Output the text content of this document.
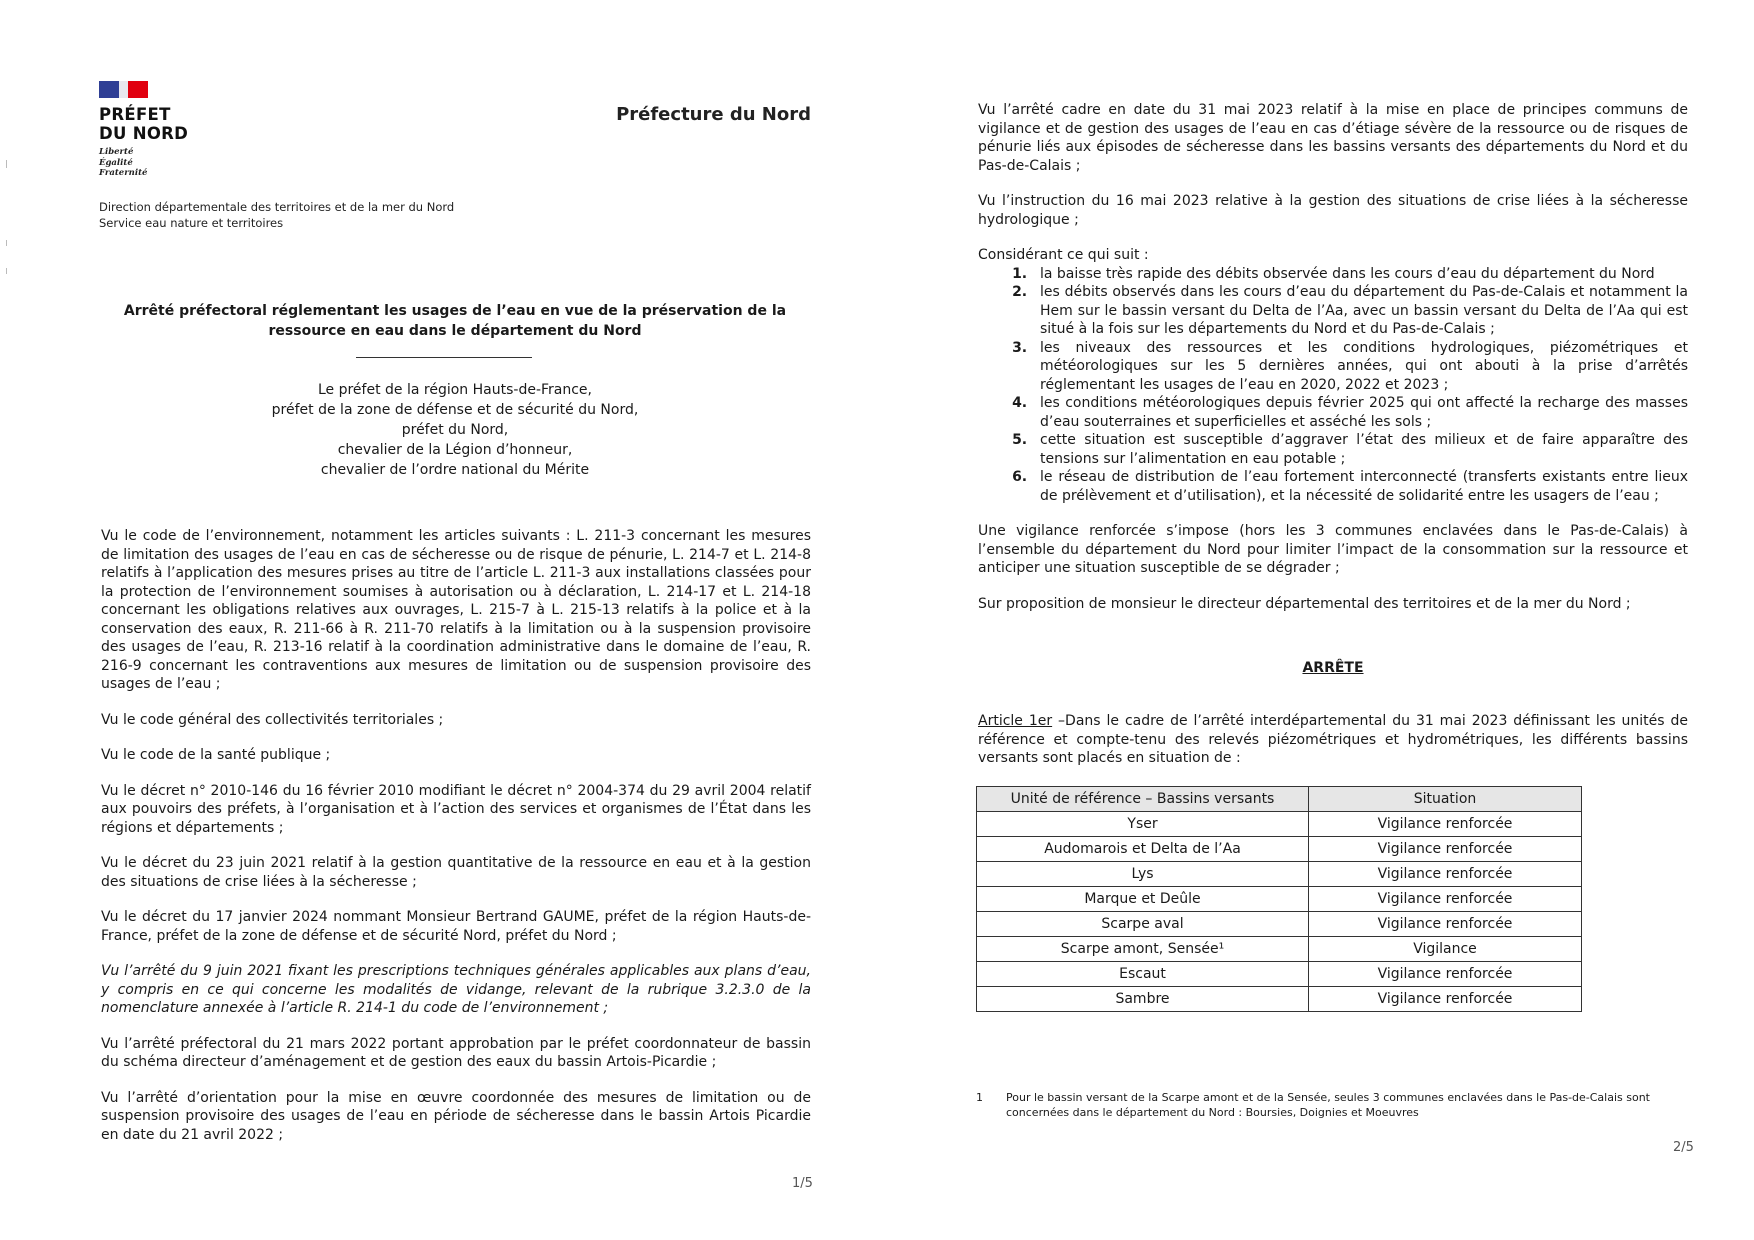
PRÉFET
DU NORD
Liberté
Égalité
Fraternité
Préfecture du Nord
Direction départementale des territoires et de la mer du Nord
Service eau nature et territoires
Arrêté préfectoral réglementant les usages de l’eau en vue de la préservation de la ressource en eau dans le département du Nord
Le préfet de la région Hauts-de-France,
préfet de la zone de défense et de sécurité du Nord,
préfet du Nord,
chevalier de la Légion d’honneur,
chevalier de l’ordre national du Mérite

Vu le code de l’environnement, notamment les articles suivants : L. 211-3 concernant les mesures de limitation des usages de l’eau en cas de sécheresse ou de risque de pénurie, L. 214-7 et L. 214-8 relatifs à l’application des mesures prises au titre de l’article L. 211-3 aux installations classées pour la protection de l’environnement soumises à autorisation ou à déclaration, L. 214-17 et L. 214-18 concernant les obligations relatives aux ouvrages, L. 215-7 à L. 215-13 relatifs à la police et à la conservation des eaux, R. 211-66 à R. 211-70 relatifs à la limitation ou à la suspension provisoire des usages de l’eau, R. 213-16 relatif à la coordination administrative dans le domaine de l’eau, R. 216-9 concernant les contraventions aux mesures de limitation ou de suspension provisoire des usages de l’eau ;

Vu le code général des collectivités territoriales ;

Vu le code de la santé publique ;

Vu le décret n° 2010-146 du 16 février 2010 modifiant le décret n° 2004-374 du 29 avril 2004 relatif aux pouvoirs des préfets, à l’organisation et à l’action des services et organismes de l’État dans les régions et départements ;

Vu le décret du 23 juin 2021 relatif à la gestion quantitative de la ressource en eau et à la gestion des situations de crise liées à la sécheresse ;

Vu le décret du 17 janvier 2024 nommant Monsieur Bertrand GAUME, préfet de la région Hauts-de-France, préfet de la zone de défense et de sécurité Nord, préfet du Nord ;

Vu l’arrêté du 9 juin 2021 fixant les prescriptions techniques générales applicables aux plans d’eau, y compris en ce qui concerne les modalités de vidange, relevant de la rubrique 3.2.3.0 de la nomenclature annexée à l’article R. 214-1 du code de l’environnement ;

Vu l’arrêté préfectoral du 21 mars 2022 portant approbation par le préfet coordonnateur de bassin du schéma directeur d’aménagement et de gestion des eaux du bassin Artois-Picardie ;

Vu l’arrêté d’orientation pour la mise en œuvre coordonnée des mesures de limitation ou de suspension provisoire des usages de l’eau en période de sécheresse dans le bassin Artois Picardie en date du 21 avril 2022 ;

1/5

Vu l’arrêté cadre en date du 31 mai 2023 relatif à la mise en place de principes communs de vigilance et de gestion des usages de l’eau en cas d’étiage sévère de la ressource ou de risques de pénurie liés aux épisodes de sécheresse dans les bassins versants des départements du Nord et du Pas-de-Calais ;

Vu l’instruction du 16 mai 2023 relative à la gestion des situations de crise liées à la sécheresse hydrologique ;

Considérant ce qui suit :
1. la baisse très rapide des débits observée dans les cours d’eau du département du Nord
2. les débits observés dans les cours d’eau du département du Pas-de-Calais et notamment la Hem sur le bassin versant du Delta de l’Aa, avec un bassin versant du Delta de l’Aa qui est situé à la fois sur les départements du Nord et du Pas-de-Calais ;
3. les niveaux des ressources et les conditions hydrologiques, piézométriques et météorologiques sur les 5 dernières années, qui ont abouti à la prise d’arrêtés réglementant les usages de l’eau en 2020, 2022 et 2023 ;
4. les conditions météorologiques depuis février 2025 qui ont affecté la recharge des masses d’eau souterraines et superficielles et asséché les sols ;
5. cette situation est susceptible d’aggraver l’état des milieux et de faire apparaître des tensions sur l’alimentation en eau potable ;
6. le réseau de distribution de l’eau fortement interconnecté (transferts existants entre lieux de prélèvement et d’utilisation), et la nécessité de solidarité entre les usagers de l’eau ;

Une vigilance renforcée s’impose (hors les 3 communes enclavées dans le Pas-de-Calais) à l’ensemble du département du Nord pour limiter l’impact de la consommation sur la ressource et anticiper une situation susceptible de se dégrader ;

Sur proposition de monsieur le directeur départemental des territoires et de la mer du Nord ;

ARRÊTE
Article 1er –Dans le cadre de l’arrêté interdépartemental du 31 mai 2023 définissant les unités de référence et compte-tenu des relevés piézométriques et hydrométriques, les différents bassins versants sont placés en situation de :
Unité de référence – Bassins versants	Situation
Yser	Vigilance renforcée
Audomarois et Delta de l’Aa	Vigilance renforcée
Lys	Vigilance renforcée
Marque et Deûle	Vigilance renforcée
Scarpe aval	Vigilance renforcée
Scarpe amont, Sensée¹	Vigilance
Escaut	Vigilance renforcée
Sambre	Vigilance renforcée
1 Pour le bassin versant de la Scarpe amont et de la Sensée, seules 3 communes enclavées dans le Pas-de-Calais sont concernées dans le département du Nord : Boursies, Doignies et Moeuvres
2/5
